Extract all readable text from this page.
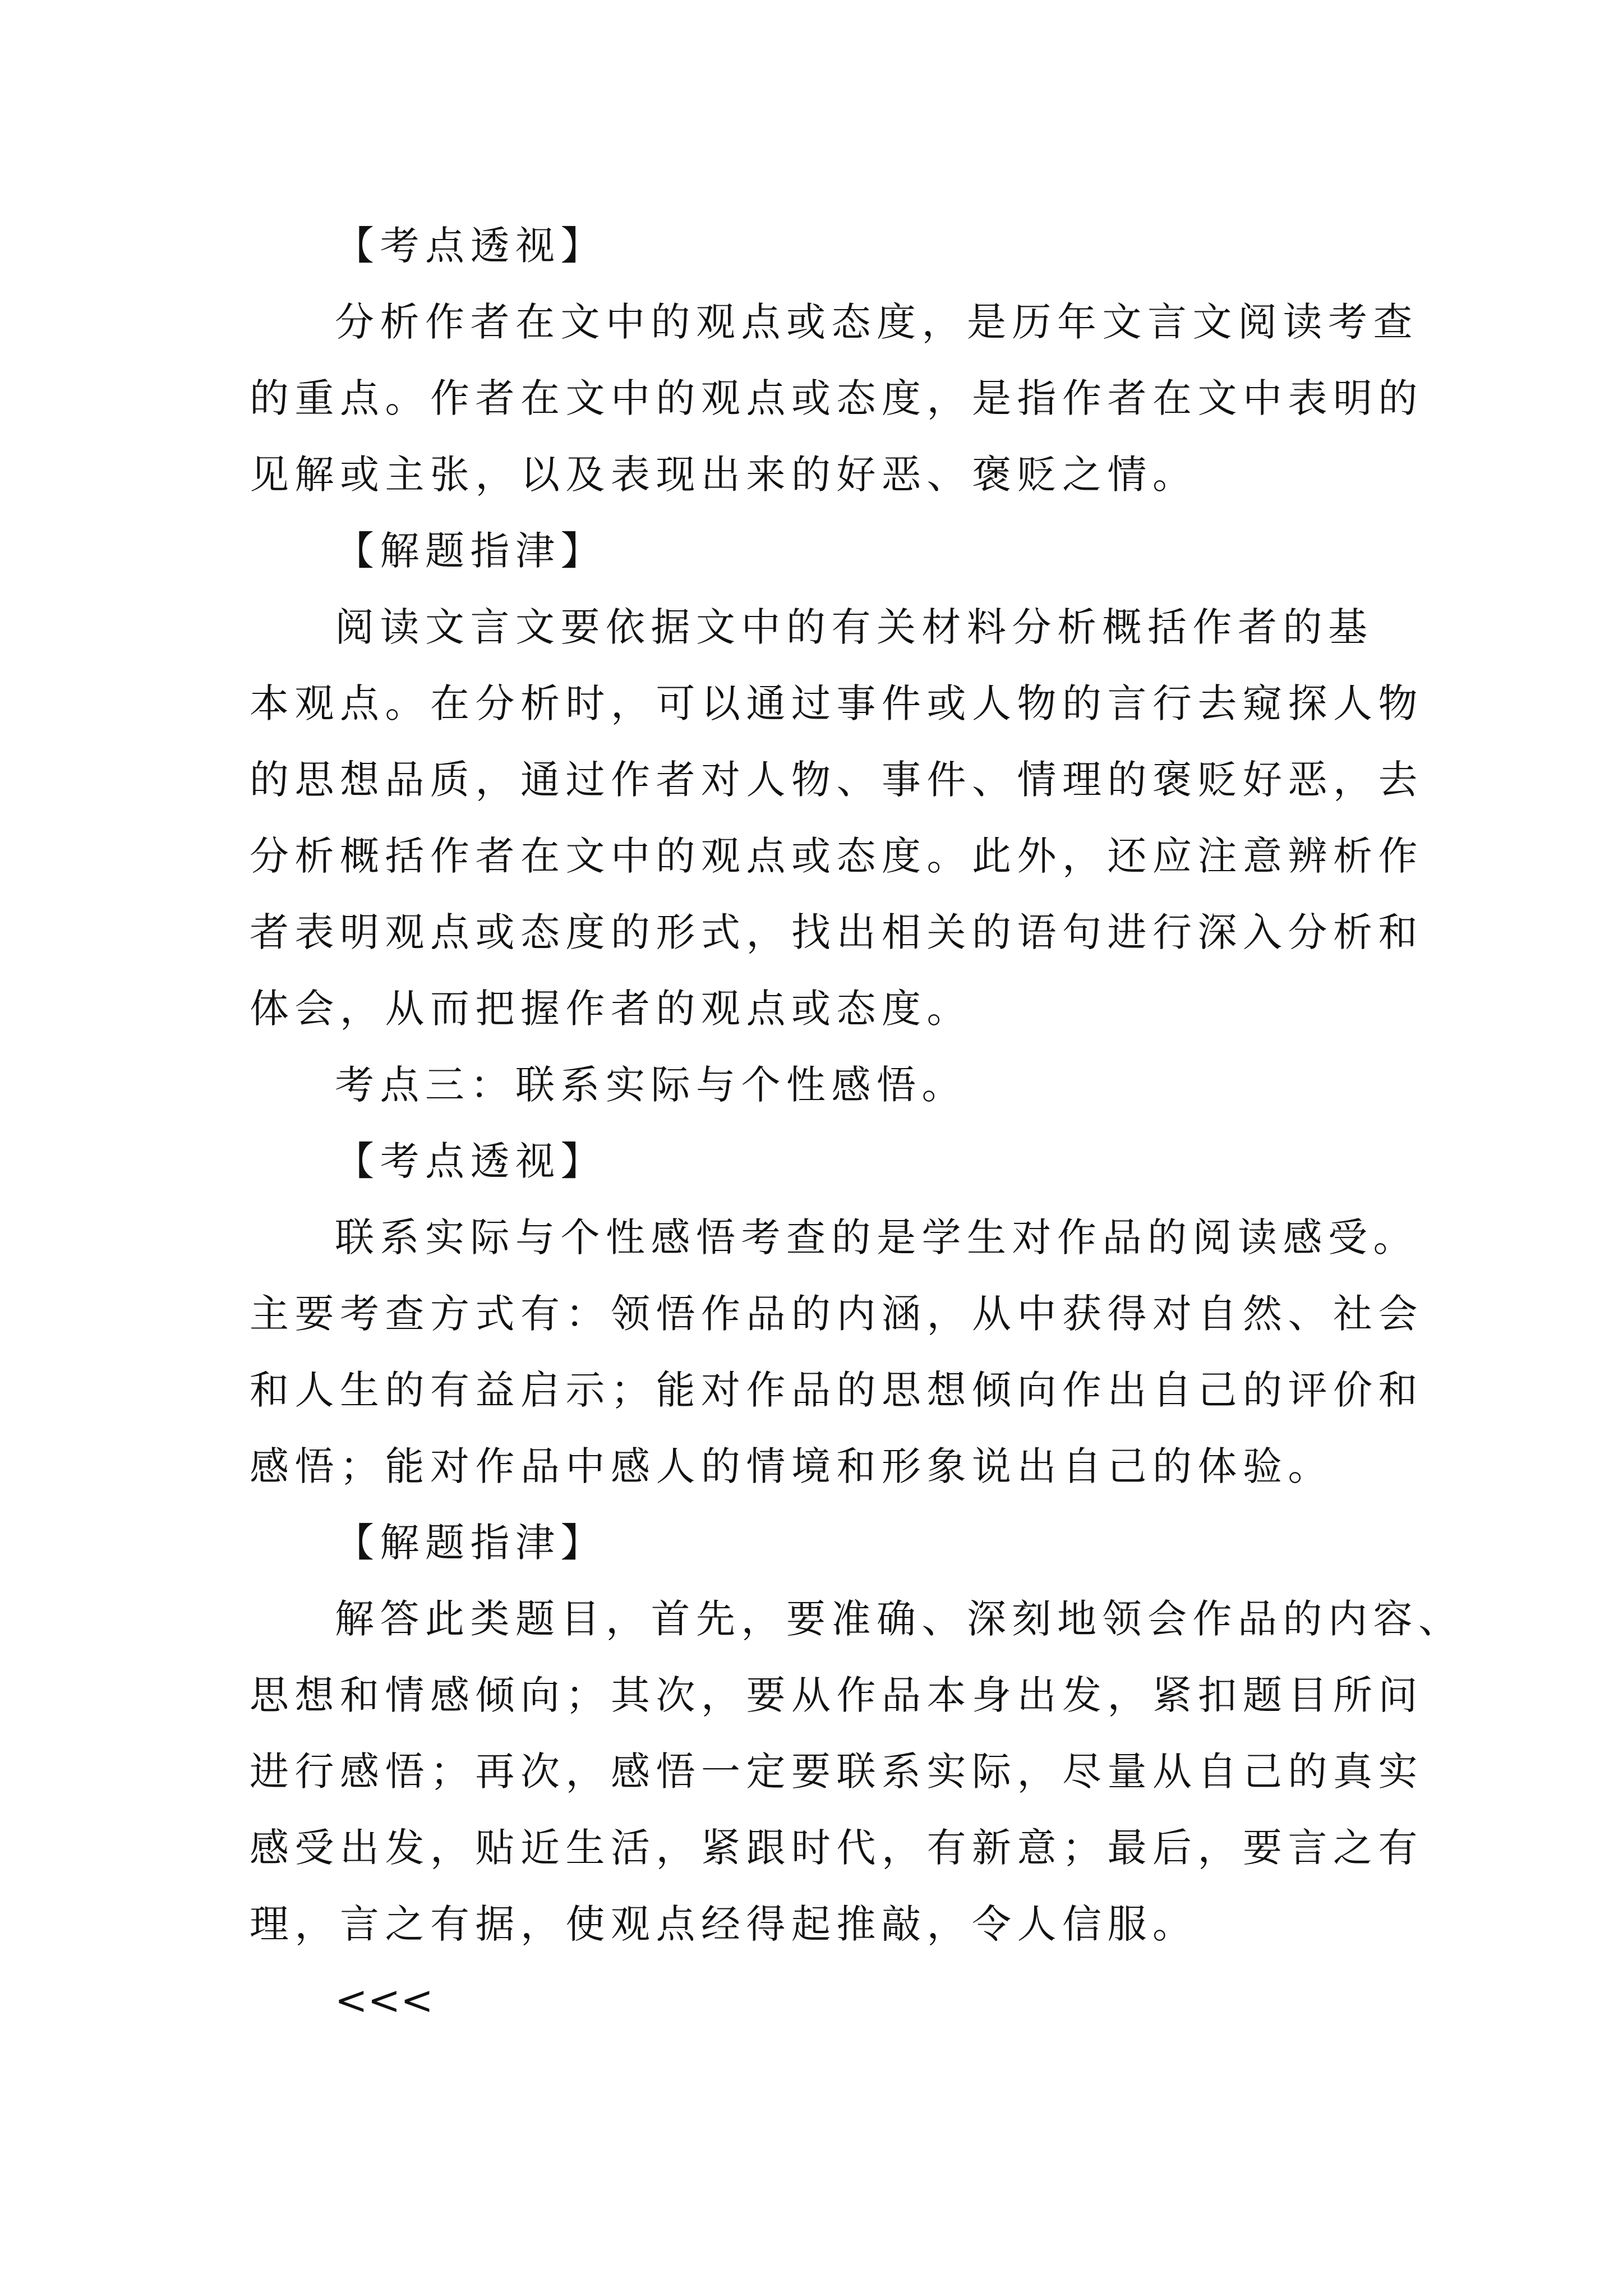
【考点透视】
分析作者在文中的观点或态度，是历年文言文阅读考查
的重点。作者在文中的观点或态度，是指作者在文中表明的
见解或主张，以及表现出来的好恶、褒贬之情。
【解题指津】
阅读文言文要依据文中的有关材料分析概括作者的基
本观点。在分析时，可以通过事件或人物的言行去窥探人物
的思想品质，通过作者对人物、事件、情理的褒贬好恶，去
分析概括作者在文中的观点或态度。此外，还应注意辨析作
者表明观点或态度的形式，找出相关的语句进行深入分析和
体会，从而把握作者的观点或态度。
考点三：联系实际与个性感悟。
【考点透视】
联系实际与个性感悟考查的是学生对作品的阅读感受。
主要考查方式有：领悟作品的内涵，从中获得对自然、社会
和人生的有益启示；能对作品的思想倾向作出自己的评价和
感悟；能对作品中感人的情境和形象说出自己的体验。
【解题指津】
解答此类题目，首先，要准确、深刻地领会作品的内容、
思想和情感倾向；其次，要从作品本身出发，紧扣题目所问
进行感悟；再次，感悟一定要联系实际，尽量从自己的真实
感受出发，贴近生活，紧跟时代，有新意；最后，要言之有
理，言之有据，使观点经得起推敲，令人信服。
<<<
